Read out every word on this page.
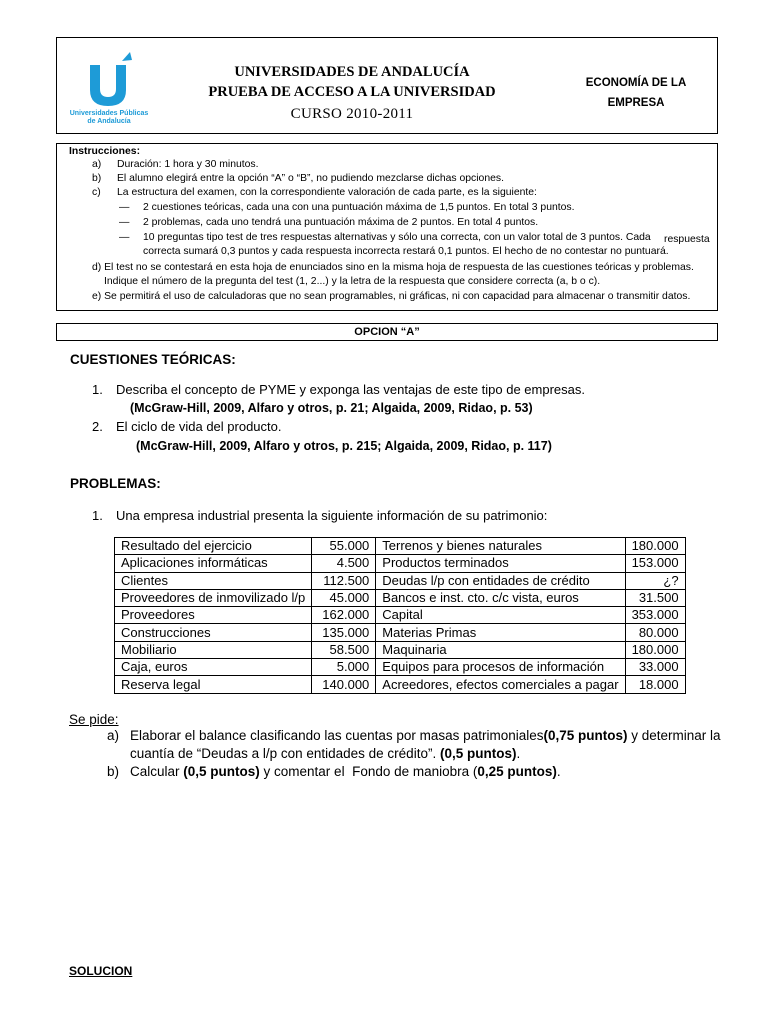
UNIVERSIDADES DE ANDALUCÍA
PRUEBA DE ACCESO A LA UNIVERSIDAD
CURSO 2010-2011
Universidades Públicas
de Andalucía
ECONOMÍA DE LA
EMPRESA
Instrucciones:
a) Duración: 1 hora y 30 minutos.
b) El alumno elegirá entre la opción “A” o “B”, no pudiendo mezclarse dichas opciones.
c) La estructura del examen, con la correspondiente valoración de cada parte, es la siguiente:
— 2 cuestiones teóricas, cada una con una puntuación máxima de 1,5 puntos. En total 3 puntos.
— 2 problemas, cada uno tendrá una puntuación máxima de 2 puntos. En total 4 puntos.
— 10 preguntas tipo test de tres respuestas alternativas y sólo una correcta, con un valor total de 3 puntos. Cada respuesta
correcta sumará 0,3 puntos y cada respuesta incorrecta restará 0,1 puntos. El hecho de no contestar no puntuará.
d) El test no se contestará en esta hoja de enunciados sino en la misma hoja de respuesta de las cuestiones teóricas y problemas.
Indique el número de la pregunta del test (1, 2...) y la letra de la respuesta que considere correcta (a, b o c).
e) Se permitirá el uso de calculadoras que no sean programables, ni gráficas, ni con capacidad para almacenar o transmitir datos.
OPCION “A”
CUESTIONES TEÓRICAS:
1. Describa el concepto de PYME y exponga las ventajas de este tipo de empresas.
(McGraw-Hill, 2009, Alfaro y otros, p. 21; Algaida, 2009, Ridao, p. 53)
2. El ciclo de vida del producto.
(McGraw-Hill, 2009, Alfaro y otros, p. 215; Algaida, 2009, Ridao, p. 117)
PROBLEMAS:
1. Una empresa industrial presenta la siguiente información de su patrimonio:
Resultado del ejercicio	55.000	Terrenos y bienes naturales	180.000
Aplicaciones informáticas	4.500	Productos terminados	153.000
Clientes	112.500	Deudas l/p con entidades de crédito	¿?
Proveedores de inmovilizado l/p	45.000	Bancos e inst. cto. c/c vista, euros	31.500
Proveedores	162.000	Capital	353.000
Construcciones	135.000	Materias Primas	80.000
Mobiliario	58.500	Maquinaria	180.000
Caja, euros	5.000	Equipos para procesos de información	33.000
Reserva legal	140.000	Acreedores, efectos comerciales a pagar	18.000
Se pide:
a) Elaborar el balance clasificando las cuentas por masas patrimoniales (0,75 puntos) y determinar la
cuantía de “Deudas a l/p con entidades de crédito”. (0,5 puntos).
b) Calcular (0,5 puntos) y comentar el  Fondo de maniobra (0,25 puntos).
SOLUCION
